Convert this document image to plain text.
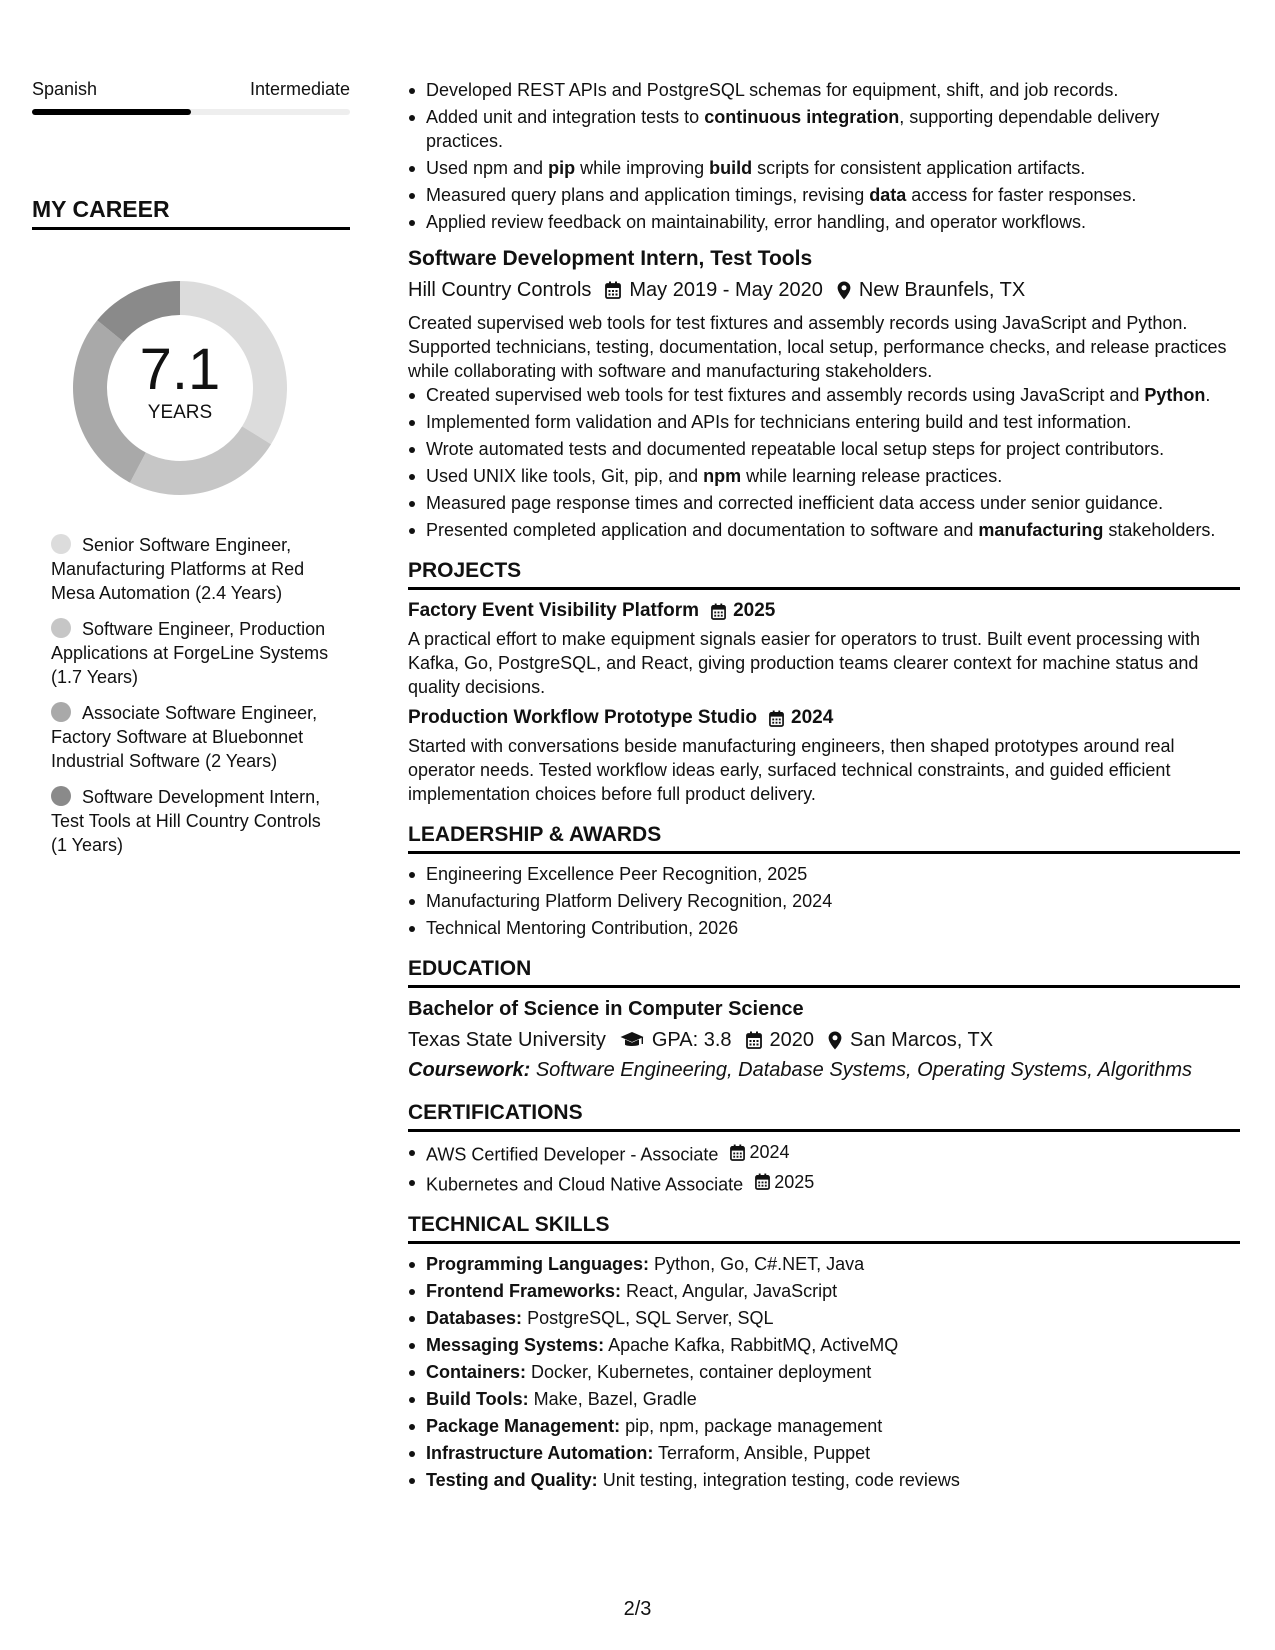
Spanish	Intermediate
MY CAREER
7.1
YEARS
Senior Software Engineer, Manufacturing Platforms at Red Mesa Automation (2.4 Years)
Software Engineer, Production Applications at ForgeLine Systems (1.7 Years)
Associate Software Engineer, Factory Software at Bluebonnet Industrial Software (2 Years)
Software Development Intern, Test Tools at Hill Country Controls (1 Years)
Developed REST APIs and PostgreSQL schemas for equipment, shift, and job records.
Added unit and integration tests to continuous integration, supporting dependable delivery practices.
Used npm and pip while improving build scripts for consistent application artifacts.
Measured query plans and application timings, revising data access for faster responses.
Applied review feedback on maintainability, error handling, and operator workflows.
Software Development Intern, Test Tools
Hill Country Controls May 2019 - May 2020 New Braunfels, TX
Created supervised web tools for test fixtures and assembly records using JavaScript and Python. Supported technicians, testing, documentation, local setup, performance checks, and release practices while collaborating with software and manufacturing stakeholders.
Created supervised web tools for test fixtures and assembly records using JavaScript and Python.
Implemented form validation and APIs for technicians entering build and test information.
Wrote automated tests and documented repeatable local setup steps for project contributors.
Used UNIX like tools, Git, pip, and npm while learning release practices.
Measured page response times and corrected inefficient data access under senior guidance.
Presented completed application and documentation to software and manufacturing stakeholders.
PROJECTS
Factory Event Visibility Platform 2025
A practical effort to make equipment signals easier for operators to trust. Built event processing with Kafka, Go, PostgreSQL, and React, giving production teams clearer context for machine status and quality decisions.
Production Workflow Prototype Studio 2024
Started with conversations beside manufacturing engineers, then shaped prototypes around real operator needs. Tested workflow ideas early, surfaced technical constraints, and guided efficient implementation choices before full product delivery.
LEADERSHIP & AWARDS
Engineering Excellence Peer Recognition, 2025
Manufacturing Platform Delivery Recognition, 2024
Technical Mentoring Contribution, 2026
EDUCATION
Bachelor of Science in Computer Science
Texas State University GPA: 3.8 2020 San Marcos, TX
Coursework: Software Engineering, Database Systems, Operating Systems, Algorithms
CERTIFICATIONS
AWS Certified Developer - Associate 2024
Kubernetes and Cloud Native Associate 2025
TECHNICAL SKILLS
Programming Languages: Python, Go, C#.NET, Java
Frontend Frameworks: React, Angular, JavaScript
Databases: PostgreSQL, SQL Server, SQL
Messaging Systems: Apache Kafka, RabbitMQ, ActiveMQ
Containers: Docker, Kubernetes, container deployment
Build Tools: Make, Bazel, Gradle
Package Management: pip, npm, package management
Infrastructure Automation: Terraform, Ansible, Puppet
Testing and Quality: Unit testing, integration testing, code reviews
2/3
